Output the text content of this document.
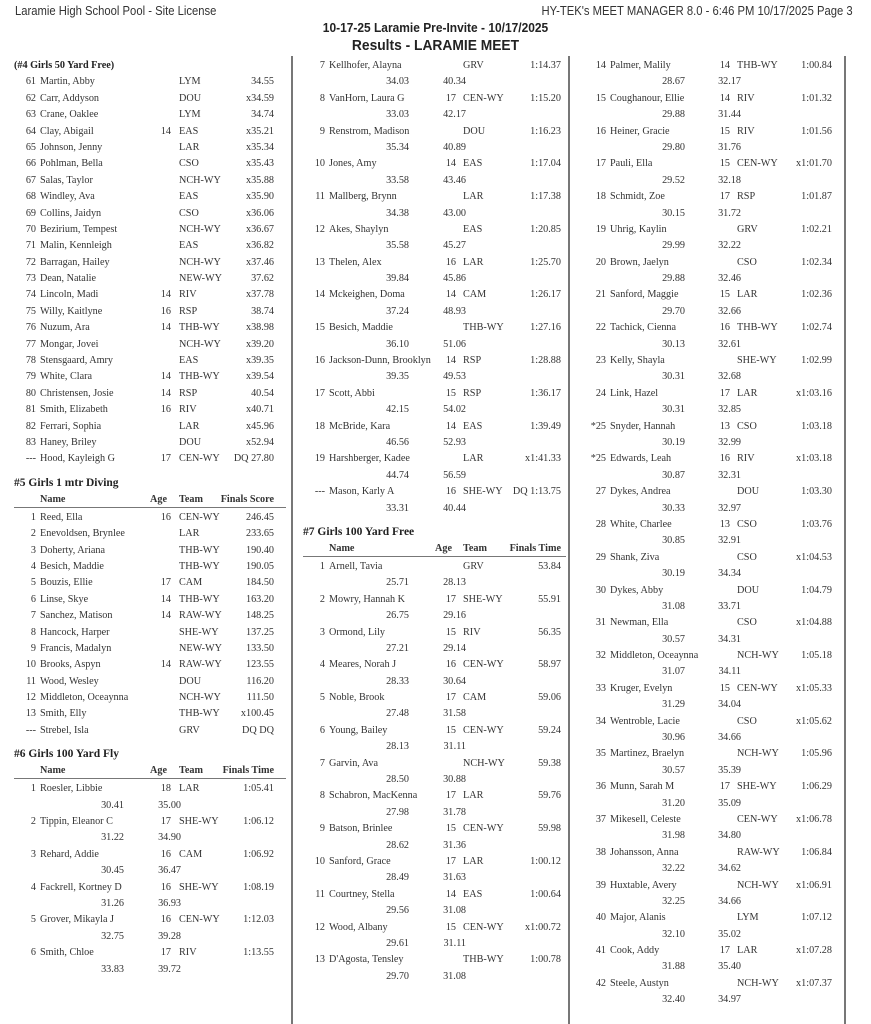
Laramie High School Pool - Site License	HY-TEK's MEET MANAGER 8.0 - 6:46 PM 10/17/2025 Page 3
10-17-25 Laramie Pre-Invite - 10/17/2025
Results - LARAMIE MEET
(#4 Girls 50 Yard Free)
61 Martin, Abby	LYM	34.55
62 Carr, Addyson	DOU	x34.59
63 Crane, Oaklee	LYM	34.74
64 Clay, Abigail	14 EAS	x35.21
65 Johnson, Jenny	LAR	x35.34
66 Pohlman, Bella	CSO	x35.43
67 Salas, Taylor	NCH-WY x35.88
68 Windley, Ava	EAS	x35.90
69 Collins, Jaidyn	CSO	x36.06
70 Bezirium, Tempest	NCH-WY x36.67
71 Malin, Kennleigh	EAS	x36.82
72 Barragan, Hailey	NCH-WY x37.46
73 Dean, Natalie	NEW-WY	37.62
74 Lincoln, Madi	14 RIV	x37.78
75 Willy, Kaitlyne	16 RSP	38.74
76 Nuzum, Ara	14 THB-WY	x38.98
77 Mongar, Jovei	NCH-WY x39.20
78 Stensgaard, Amry	EAS	x39.35
79 White, Clara	14 THB-WY	x39.54
80 Christensen, Josie	14 RSP	40.54
81 Smith, Elizabeth	16 RIV	x40.71
82 Ferrari, Sophia	LAR	x45.96
83 Haney, Briley	DOU	x52.94
--- Hood, Kayleigh G	17 CEN-WY DQ 27.80
#5 Girls 1 mtr Diving
Name	Age Team Finals Score
1 Reed, Ella	16 CEN-WY	246.45
2 Enevoldsen, Brynlee	LAR	233.65
3 Doherty, Ariana	THB-WY	190.40
4 Besich, Maddie	THB-WY	190.05
5 Bouzis, Ellie	17 CAM	184.50
6 Linse, Skye	14 THB-WY	163.20
7 Sanchez, Matison	14 RAW-WY 148.25
8 Hancock, Harper	SHE-WY	137.25
9 Francis, Madalyn	NEW-WY 133.50
10 Brooks, Aspyn	14 RAW-WY 123.55
11 Wood, Wesley	DOU	116.20
12 Middleton, Oceaynna	NCH-WY	111.50
13 Smith, Elly	THB-WY x100.45
--- Strebel, Isla	GRV	DQ DQ
#6 Girls 100 Yard Fly
Name	Age Team Finals Time
1 Roesler, Libbie	18 LAR	1:05.41
30.41	35.00
2 Tippin, Eleanor C	17 SHE-WY 1:06.12
31.22	34.90
3 Rehard, Addie	16 CAM	1:06.92
30.45	36.47
4 Fackrell, Kortney D	16 SHE-WY 1:08.19
31.26	36.93
5 Grover, Mikayla J	16 CEN-WY 1:12.03
32.75	39.28
6 Smith, Chloe	17 RIV	1:13.55
33.83	39.72
7 Kellhofer, Alayna	GRV	1:14.37
34.03	40.34
8 VanHorn, Laura G	17 CEN-WY	1:15.20
33.03	42.17
9 Renstrom, Madison	DOU	1:16.23
35.34	40.89
10 Jones, Amy	14 EAS	1:17.04
33.58	43.46
11 Mallberg, Brynn	LAR	1:17.38
34.38	43.00
12 Akes, Shaylyn	EAS	1:20.85
35.58	45.27
13 Thelen, Alex	16 LAR	1:25.70
39.84	45.86
14 Mckeighen, Doma	14 CAM	1:26.17
37.24	48.93
15 Besich, Maddie	THB-WY	1:27.16
36.10	51.06
16 Jackson-Dunn, Brooklyn	14 RSP	1:28.88
39.35	49.53
17 Scott, Abbi	15 RSP	1:36.17
42.15	54.02
18 McBride, Kara	14 EAS	1:39.49
46.56	52.93
19 Harshberger, Kadee	LAR	x1:41.33
44.74	56.59
--- Mason, Karly A	16 SHE-WY DQ 1:13.75
33.31	40.44
#7 Girls 100 Yard Free
Name	Age Team Finals Time
1 Arnell, Tavia	GRV	53.84
25.71	28.13
2 Mowry, Hannah K	17 SHE-WY	55.91
26.75	29.16
3 Ormond, Lily	15 RIV	56.35
27.21	29.14
4 Meares, Norah J	16 CEN-WY	58.97
28.33	30.64
5 Noble, Brook	17 CAM	59.06
27.48	31.58
6 Young, Bailey	15 CEN-WY	59.24
28.13	31.11
7 Garvin, Ava	NCH-WY	59.38
28.50	30.88
8 Schabron, MacKenna	17 LAR	59.76
27.98	31.78
9 Batson, Brinlee	15 CEN-WY	59.98
28.62	31.36
10 Sanford, Grace	17 LAR	1:00.12
28.49	31.63
11 Courtney, Stella	14 EAS	1:00.64
29.56	31.08
12 Wood, Albany	15 CEN-WY x1:00.72
29.61	31.11
13 D'Agosta, Tensley	THB-WY	1:00.78
29.70	31.08
14 Palmer, Malily	14 THB-WY 1:00.84
28.67	32.17
15 Coughanour, Ellie	14 RIV	1:01.32
29.88	31.44
16 Heiner, Gracie	15 RIV	1:01.56
29.80	31.76
17 Pauli, Ella	15 CEN-WY x1:01.70
29.52	32.18
18 Schmidt, Zoe	17 RSP	1:01.87
30.15	31.72
19 Uhrig, Kaylin	GRV	1:02.21
29.99	32.22
20 Brown, Jaelyn	CSO	1:02.34
29.88	32.46
21 Sanford, Maggie	15 LAR	1:02.36
29.70	32.66
22 Tachick, Cienna	16 THB-WY 1:02.74
30.13	32.61
23 Kelly, Shayla	SHE-WY 1:02.99
30.31	32.68
24 Link, Hazel	17 LAR	x1:03.16
30.31	32.85
*25 Snyder, Hannah	13 CSO	1:03.18
30.19	32.99
*25 Edwards, Leah	16 RIV	x1:03.18
30.87	32.31
27 Dykes, Andrea	DOU	1:03.30
30.33	32.97
28 White, Charlee	13 CSO	1:03.76
30.85	32.91
29 Shank, Ziva	CSO	x1:04.53
30.19	34.34
30 Dykes, Abby	DOU	1:04.79
31.08	33.71
31 Newman, Ella	CSO	x1:04.88
30.57	34.31
32 Middleton, Oceaynna	NCH-WY 1:05.18
31.07	34.11
33 Kruger, Evelyn	15 CEN-WY x1:05.33
31.29	34.04
34 Wentroble, Lacie	CSO	x1:05.62
30.96	34.66
35 Martinez, Braelyn	NCH-WY 1:05.96
30.57	35.39
36 Munn, Sarah M	17 SHE-WY 1:06.29
31.20	35.09
37 Mikesell, Celeste	CEN-WY x1:06.78
31.98	34.80
38 Johansson, Anna	RAW-WY 1:06.84
32.22	34.62
39 Huxtable, Avery	NCH-WY x1:06.91
32.25	34.66
40 Major, Alanis	LYM	1:07.12
32.10	35.02
41 Cook, Addy	17 LAR	x1:07.28
31.88	35.40
42 Steele, Austyn	NCH-WY x1:07.37
32.40	34.97
